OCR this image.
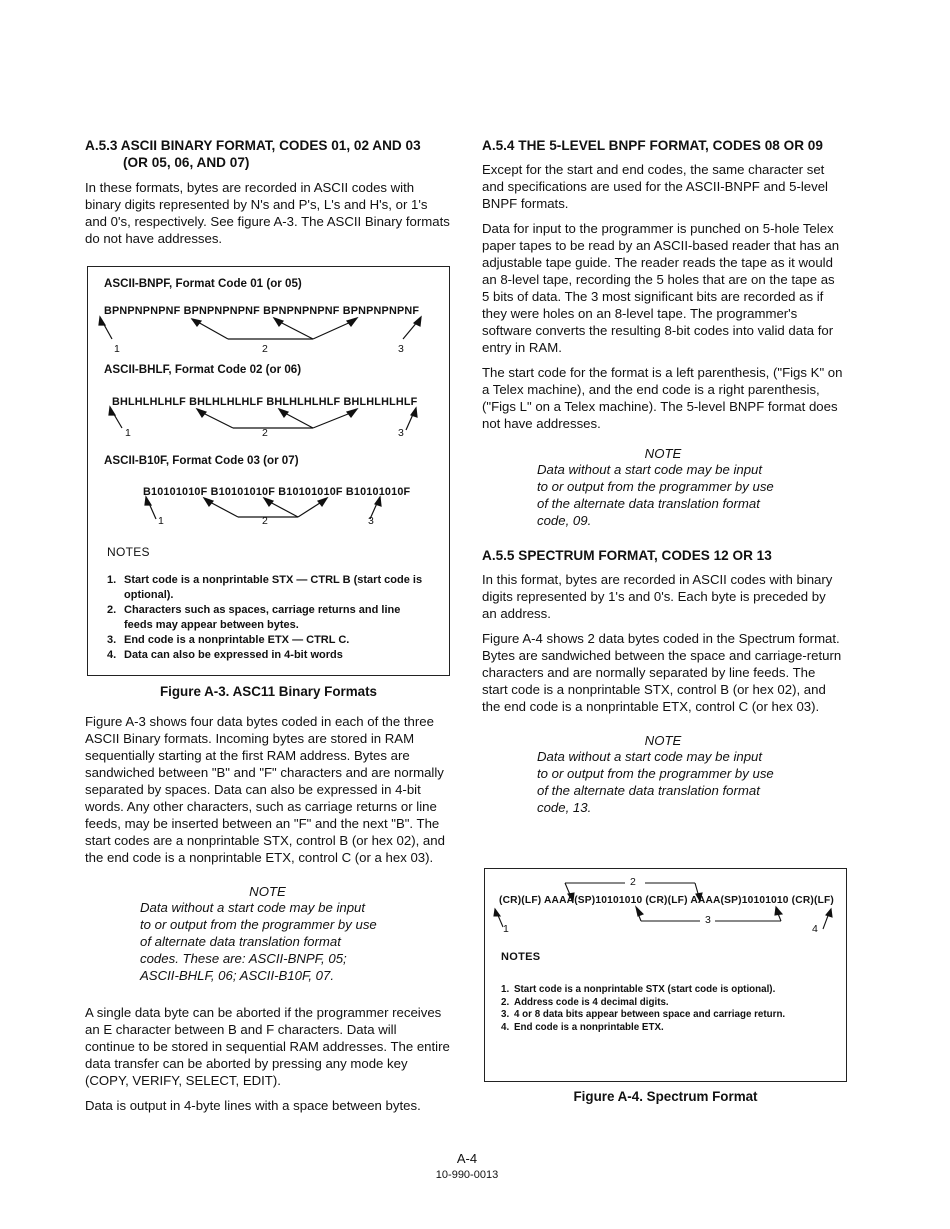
A.5.3 ASCII BINARY FORMAT, CODES 01, 02 AND 03

(OR 05, 06, AND 07)

In these formats, bytes are recorded in ASCII codes with binary digits represented by N's and P's, L's and H's, or 1's and 0's, respectively. See figure A-3. The ASCII Binary formats do not have addresses.

ASCII-BNPF, Format Code 01 (or 05)
BPNPNPNPNF BPNPNPNPNF BPNPNPNPNF BPNPNPNPNF
ASCII-BHLF, Format Code 02 (or 06)
BHLHLHLHLF BHLHLHLHLF BHLHLHLHLF BHLHLHLHLF
ASCII-B10F, Format Code 03 (or 07)
B10101010F B10101010F B10101010F B10101010F
1	2	3
1	2	3
1	2	3
NOTES
1. Start code is a nonprintable STX — CTRL B (start code is optional).
2. Characters such as spaces, carriage returns and line feeds may appear between bytes.
3. End code is a nonprintable ETX — CTRL C.
4. Data can also be expressed in 4-bit words
Figure A-3. ASC11 Binary Formats

Figure A-3 shows four data bytes coded in each of the three ASCII Binary formats. Incoming bytes are stored in RAM sequentially starting at the first RAM address. Bytes are sandwiched between "B" and "F" characters and are normally separated by spaces. Data can also be expressed in 4-bit words. Any other characters, such as carriage returns or line feeds, may be inserted between an "F" and the next "B". The start codes are a nonprintable STX, control B (or hex 02), and the end code is a nonprintable ETX, control C (or a hex 03).

NOTE
Data without a start code may be input
to or output from the programmer by use
of alternate data translation format
codes. These are: ASCII-BNPF, 05;
ASCII-BHLF, 06; ASCII-B10F, 07.

A single data byte can be aborted if the programmer receives an E character between B and F characters. Data will continue to be stored in sequential RAM addresses. The entire data transfer can be aborted by pressing any mode key (COPY, VERIFY, SELECT, EDIT).

Data is output in 4-byte lines with a space between bytes.

A.5.4 THE 5-LEVEL BNPF FORMAT, CODES 08 OR 09

Except for the start and end codes, the same character set and specifications are used for the ASCII-BNPF and 5-level BNPF formats.

Data for input to the programmer is punched on 5-hole Telex paper tapes to be read by an ASCII-based reader that has an adjustable tape guide. The reader reads the tape as it would an 8-level tape, recording the 5 holes that are on the tape as 5 bits of data. The 3 most significant bits are recorded as if they were holes on an 8-level tape. The programmer's software converts the resulting 8-bit codes into valid data for entry in RAM.

The start code for the format is a left parenthesis, ("Figs K" on a Telex machine), and the end code is a right parenthesis, ("Figs L" on a Telex machine). The 5-level BNPF format does not have addresses.

NOTE
Data without a start code may be input
to or output from the programmer by use
of the alternate data translation format
code, 09.

A.5.5 SPECTRUM FORMAT, CODES 12 OR 13

In this format, bytes are recorded in ASCII codes with binary digits represented by 1's and 0's. Each byte is preceded by an address.

Figure A-4 shows 2 data bytes coded in the Spectrum format. Bytes are sandwiched between the space and carriage-return characters and are normally separated by line feeds. The start code is a nonprintable STX, control B (or hex 02), and the end code is a nonprintable ETX, control C (or hex 03).

NOTE
Data without a start code may be input
to or output from the programmer by use
of the alternate data translation format
code, 13.
2
(CR)(LF) AAAA(SP)10101010 (CR)(LF) AAAA(SP)10101010 (CR)(LF)
1
3
4
NOTES
1. Start code is a nonprintable STX (start code is optional).
2. Address code is 4 decimal digits.
3. 4 or 8 data bits appear between space and carriage return.
4. End code is a nonprintable ETX.
Figure A-4. Spectrum Format
A-4
10-990-0013
